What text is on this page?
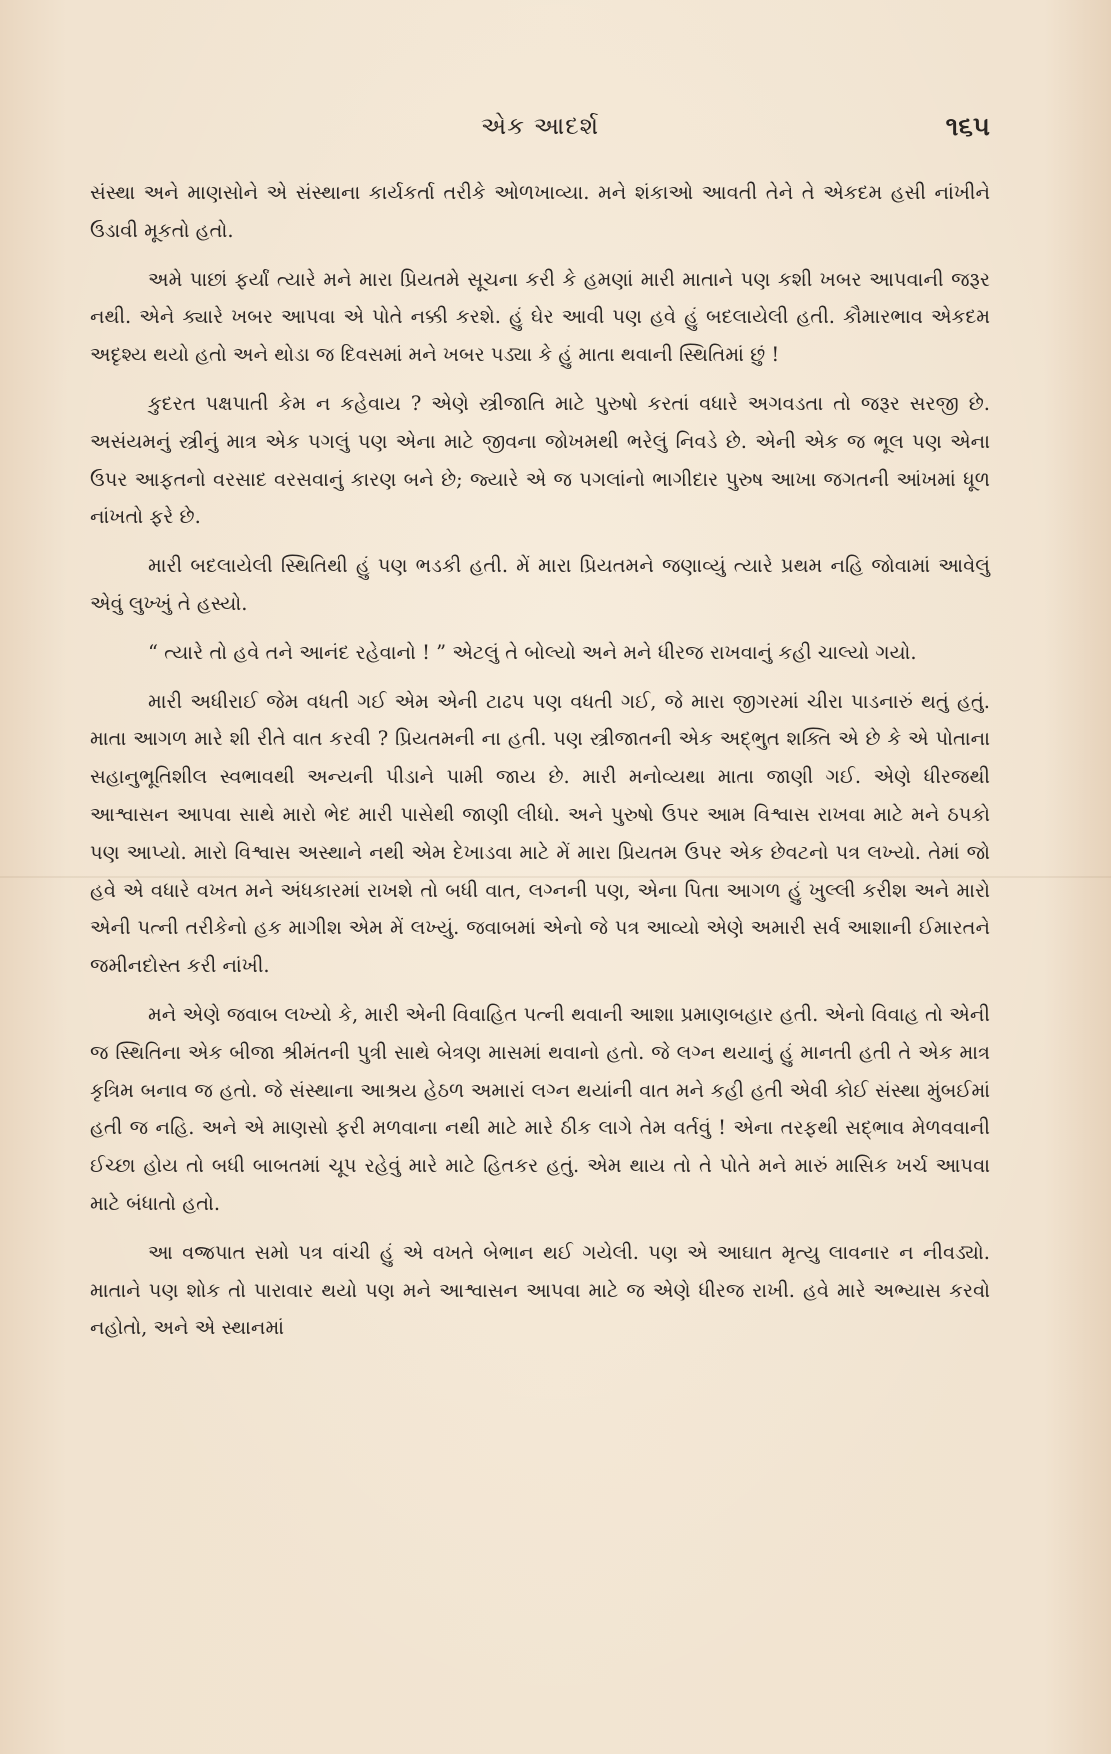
એક આદર્શ	૧૬૫

સંસ્થા અને માણસોને એ સંસ્થાના કાર્યકર્તા તરીકે ઓળખાવ્યા. મને શંકાઓ આવતી તેને તે એકદમ હસી નાંખીને ઉડાવી મૂકતો હતો.

અમે પાછાં ફર્યાં ત્યારે મને મારા પ્રિયતમે સૂચના કરી કે હમણાં મારી માતાને પણ કશી ખબર આપવાની જરૂર નથી. એને ક્યારે ખબર આપવા એ પોતે નક્કી કરશે. હું ઘેર આવી પણ હવે હું બદલાયેલી હતી. કૌમારભાવ એકદમ અદૃશ્ય થયો હતો અને થોડા જ દિવસમાં મને ખબર પડ્યા કે હું માતા થવાની સ્થિતિમાં છું !

કુદરત પક્ષપાતી કેમ ન કહેવાય ? એણે સ્ત્રીજાતિ માટે પુરુષો કરતાં વધારે અગવડતા તો જરૂર સરજી છે. અસંયમનું સ્ત્રીનું માત્ર એક પગલું પણ એના માટે જીવના જોખમથી ભરેલું નિવડે છે. એની એક જ ભૂલ પણ એના ઉપર આફતનો વરસાદ વરસવાનું કારણ બને છે; જ્યારે એ જ પગલાંનો ભાગીદાર પુરુષ આખા જગતની આંખમાં ધૂળ નાંખતો ફરે છે.

મારી બદલાયેલી સ્થિતિથી હું પણ ભડકી હતી. મેં મારા પ્રિયતમને જણાવ્યું ત્યારે પ્રથમ નહિ જોવામાં આવેલું એવું લુખ્ખું તે હસ્યો.

“ ત્યારે તો હવે તને આનંદ રહેવાનો ! ” એટલું તે બોલ્યો અને મને ધીરજ રાખવાનું કહી ચાલ્યો ગયો.

મારી અધીરાઈ જેમ વધતી ગઈ એમ એની ટાઢપ પણ વધતી ગઈ, જે મારા જીગરમાં ચીરા પાડનારું થતું હતું. માતા આગળ મારે શી રીતે વાત કરવી ? પ્રિયતમની ના હતી. પણ સ્ત્રીજાતની એક અદ્ભુત શક્તિ એ છે કે એ પોતાના સહાનુભૂતિશીલ સ્વભાવથી અન્યની પીડાને પામી જાય છે. મારી મનોવ્યથા માતા જાણી ગઈ. એણે ધીરજથી આશ્વાસન આપવા સાથે મારો ભેદ મારી પાસેથી જાણી લીધો. અને પુરુષો ઉપર આમ વિશ્વાસ રાખવા માટે મને ઠપકો પણ આપ્યો. મારો વિશ્વાસ અસ્થાને નથી એમ દેખાડવા માટે મેં મારા પ્રિયતમ ઉપર એક છેવટનો પત્ર લખ્યો. તેમાં જો હવે એ વધારે વખત મને અંધકારમાં રાખશે તો બધી વાત, લગ્નની પણ, એના પિતા આગળ હું ખુલ્લી કરીશ અને મારો એની પત્ની તરીકેનો હક માગીશ એમ મેં લખ્યું. જવાબમાં એનો જે પત્ર આવ્યો એણે અમારી સર્વ આશાની ઈમારતને જમીનદોસ્ત કરી નાંખી.

મને એણે જવાબ લખ્યો કે, મારી એની વિવાહિત પત્ની થવાની આશા પ્રમાણબહાર હતી. એનો વિવાહ તો એની જ સ્થિતિના એક બીજા શ્રીમંતની પુત્રી સાથે બેત્રણ માસમાં થવાનો હતો. જે લગ્ન થયાનું હું માનતી હતી તે એક માત્ર કૃત્રિમ બનાવ જ હતો. જે સંસ્થાના આશ્રય હેઠળ અમારાં લગ્ન થયાંની વાત મને કહી હતી એવી કોઈ સંસ્થા મુંબઈમાં હતી જ નહિ. અને એ માણસો ફરી મળવાના નથી માટે મારે ઠીક લાગે તેમ વર્તવું ! એના તરફથી સદ્ભાવ મેળવવાની ઈચ્છા હોય તો બધી બાબતમાં ચૂપ રહેવું મારે માટે હિતકર હતું. એમ થાય તો તે પોતે મને મારું માસિક ખર્ચ આપવા માટે બંધાતો હતો.

આ વજ્રપાત સમો પત્ર વાંચી હું એ વખતે બેભાન થઈ ગયેલી. પણ એ આઘાત મૃત્યુ લાવનાર ન નીવડ્યો. માતાને પણ શોક તો પારાવાર થયો પણ મને આશ્વાસન આપવા માટે જ એણે ધીરજ રાખી. હવે મારે અભ્યાસ કરવો નહોતો, અને એ સ્થાનમાં
